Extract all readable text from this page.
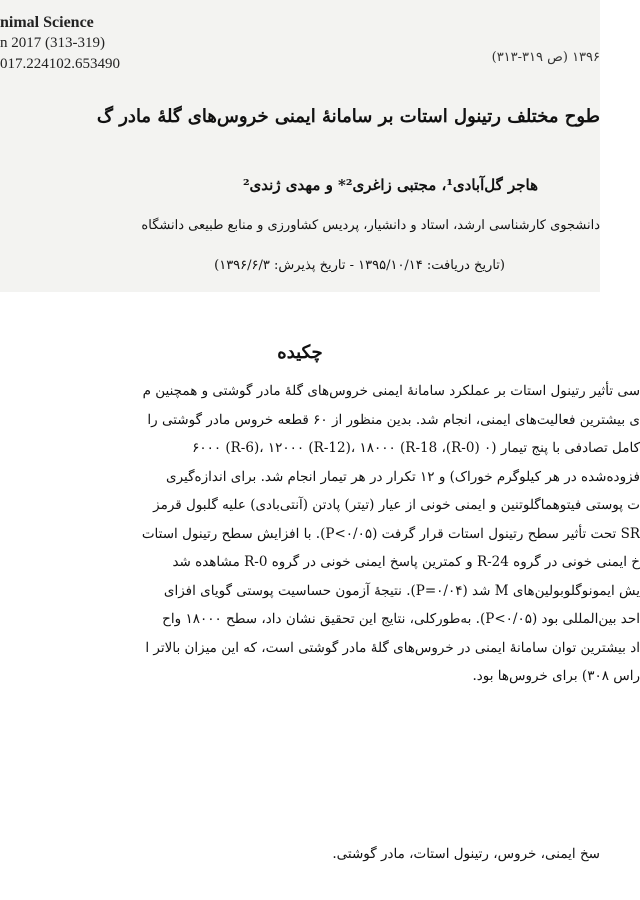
nimal Science
n 2017 (313-319)
017.224102.653490	۱۳۹۶ (ص ۳۱۹-۳۱۳)
طوح مختلف رتینول استات بر سامانهٔ ایمنی خروس‌های گلهٔ مادر گ
هاجر گل‌آبادی¹، مجتبی زاغری²* و مهدی ژندی²
دانشجوی کارشناسی ارشد، استاد و دانشیار، پردیس کشاورزی و منابع طبیعی دانشگاه
(تاریخ دریافت: ۱۳۹۵/۱۰/۱۴ - تاریخ پذیرش: ۱۳۹۶/۶/۳)
چکیده
سی تأثیر رتینول استات بر عملکرد سامانهٔ ایمنی خروس‌های گلهٔ مادر گوشتی و همچنین م
ی بیشترین فعالیت‌های ایمنی، انجام شد. بدین منظور از ۶۰ قطعه خروس مادر گوشتی را
کامل تصادفی با پنج تیمار (۰ (R-0)، ۶۰۰۰ (R-6)، ۱۲۰۰۰ (R-12)، ۱۸۰۰۰ (R-18
فزوده‌شده در هر کیلوگرم خوراک) و ۱۲ تکرار در هر تیمار انجام شد. برای اندازه‌گیری
ت پوستی فیتوهماگلوتنین و ایمنی خونی از عیار (تیتر) پادتن (آنتی‌بادی) علیه گلبول قرمز
SR تحت تأثیر سطح رتینول استات قرار گرفت (P<۰/۰۵). با افزایش سطح رتینول استات
خ ایمنی خونی در گروه R-24 و کمترین پاسخ ایمنی خونی در گروه R-0 مشاهده شد
یش ایمونوگلوبولین‌های M شد (P=۰/۰۴). نتیجهٔ آزمون حساسیت پوستی گویای افزای
احد بین‌المللی بود (P<۰/۰۵). به‌طورکلی، نتایج این تحقیق نشان داد، سطح ۱۸۰۰۰ واح
اد بیشترین توان سامانهٔ ایمنی در خروس‌های گلهٔ مادر گوشتی است، که این میزان بالاتر ا
راس ۳۰۸) برای خروس‌ها بود.
سخ ایمنی، خروس، رتینول استات، مادر گوشتی.
